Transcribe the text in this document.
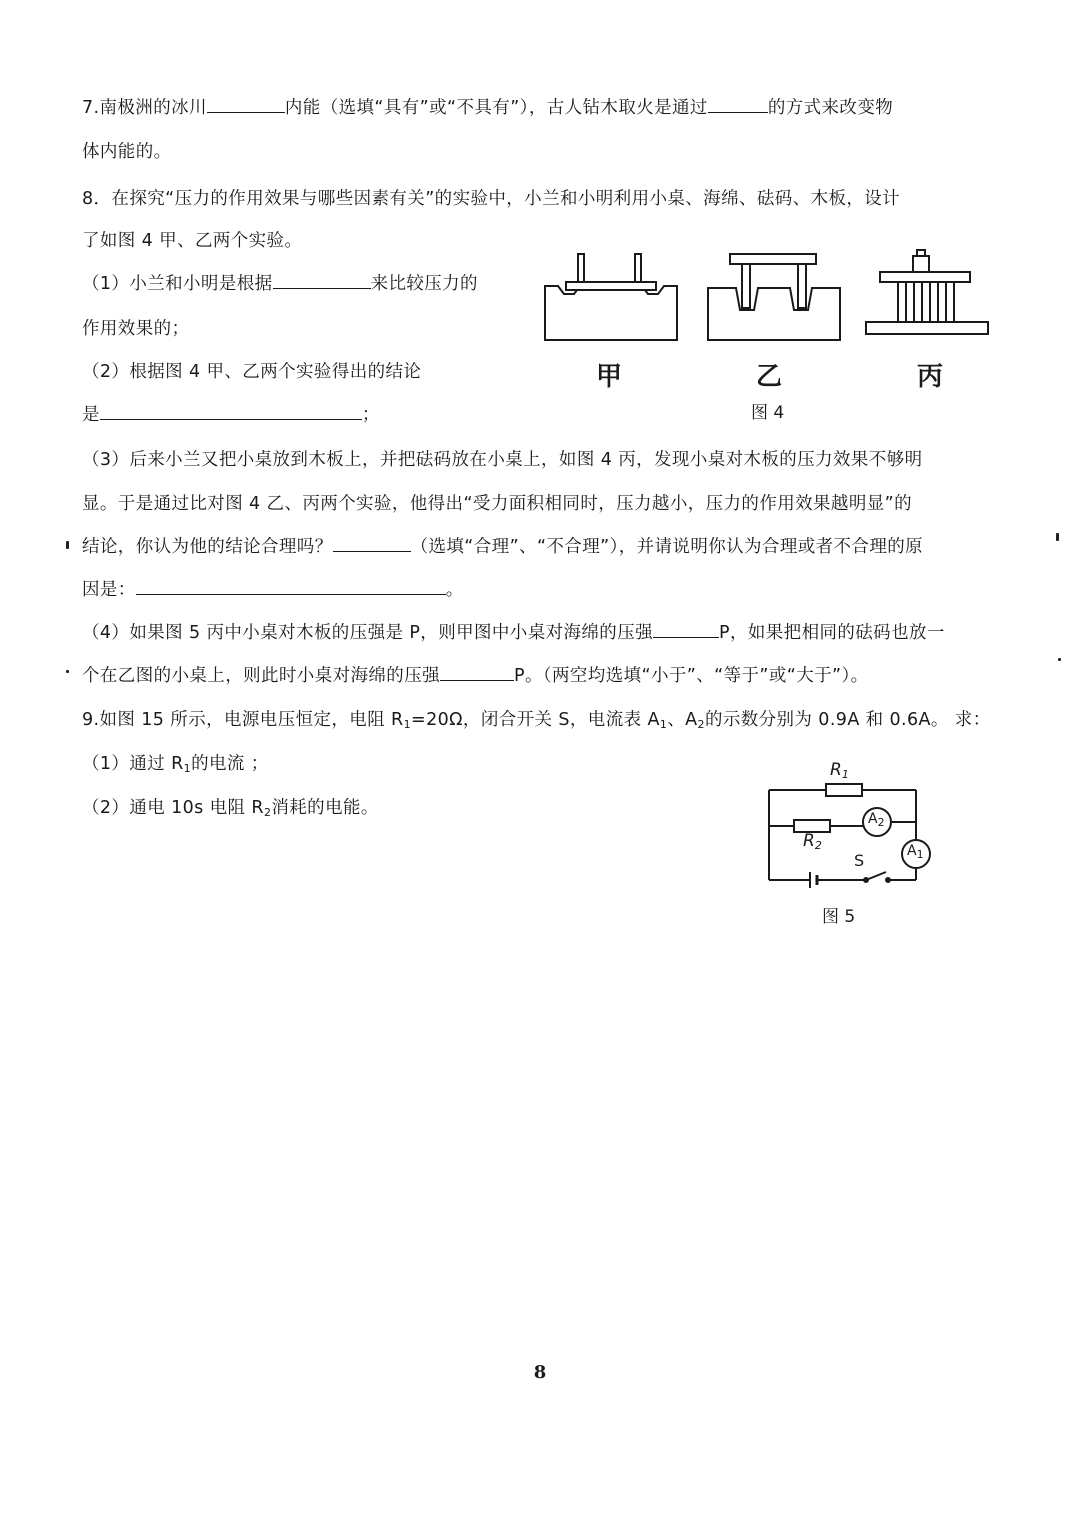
7.南极洲的冰川	内能（选填“具有”或“不具有”），古人钻木取火是通过	的方式来改变物
体内能的。
8．在探究“压力的作用效果与哪些因素有关”的实验中，小兰和小明利用小桌、海绵、砝码、木板，设计
了如图 4 甲、乙两个实验。
（1）小兰和小明是根据	来比较压力的
作用效果的；
（2）根据图 4 甲、乙两个实验得出的结论
是	；
甲	乙	丙
图 4
（3）后来小兰又把小桌放到木板上，并把砝码放在小桌上，如图 4 丙，发现小桌对木板的压力效果不够明
显。于是通过比对图 4 乙、丙两个实验，他得出“受力面积相同时，压力越小，压力的作用效果越明显”的
结论，你认为他的结论合理吗？	（选填“合理”、“不合理”），并请说明你认为合理或者不合理的原
因是：	。
（4）如果图 5 丙中小桌对木板的压强是 P，则甲图中小桌对海绵的压强	P，如果把相同的砝码也放一
个在乙图的小桌上，则此时小桌对海绵的压强	P。（两空均选填“小于”、“等于”或“大于”）。
9.如图 15 所示，电源电压恒定，电阻 $R_1=20\Omega$，闭合开关 S，电流表 $A_1$、$A_2$的示数分别为 0.9A 和 0.6A。 求：
（1）通过 $R_1$的电流 ；
（2）通电 10s 电阻 $R_2$消耗的电能。
$R_1$
$R_2$
$A_2$
$A_1$
S
图 5
8
